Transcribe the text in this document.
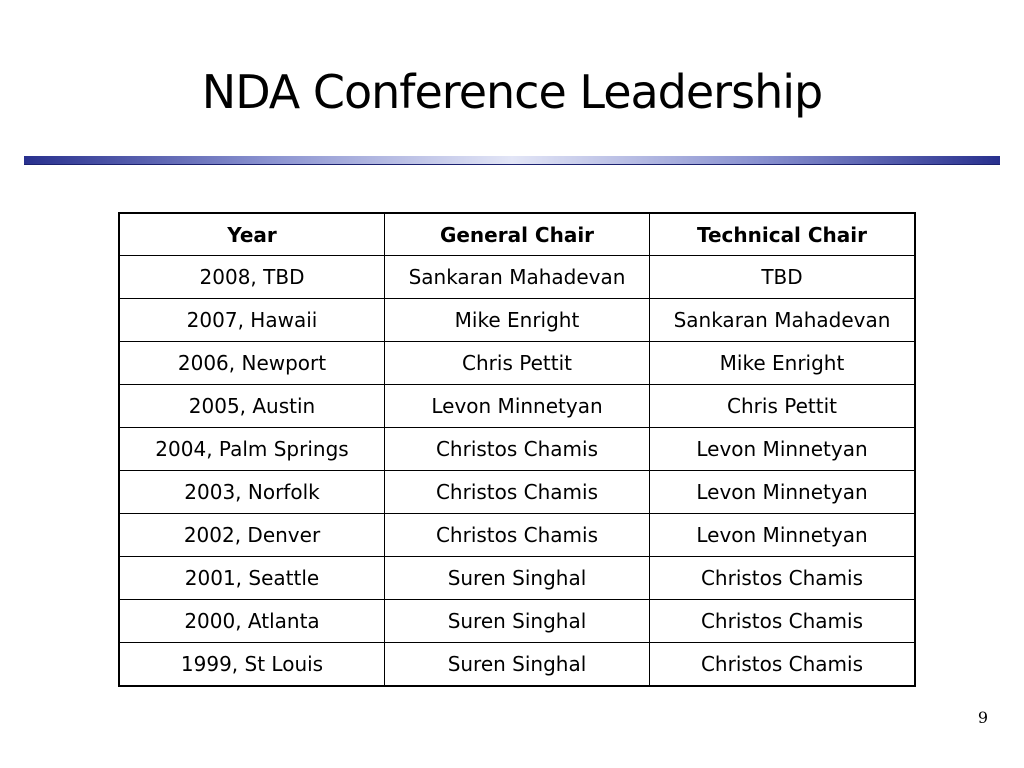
NDA Conference Leadership
Year	General Chair	Technical Chair
2008, TBD	Sankaran Mahadevan	TBD
2007, Hawaii	Mike Enright	Sankaran Mahadevan
2006, Newport	Chris Pettit	Mike Enright
2005, Austin	Levon Minnetyan	Chris Pettit
2004, Palm Springs	Christos Chamis	Levon Minnetyan
2003, Norfolk	Christos Chamis	Levon Minnetyan
2002, Denver	Christos Chamis	Levon Minnetyan
2001, Seattle	Suren Singhal	Christos Chamis
2000, Atlanta	Suren Singhal	Christos Chamis
1999, St Louis	Suren Singhal	Christos Chamis
9
